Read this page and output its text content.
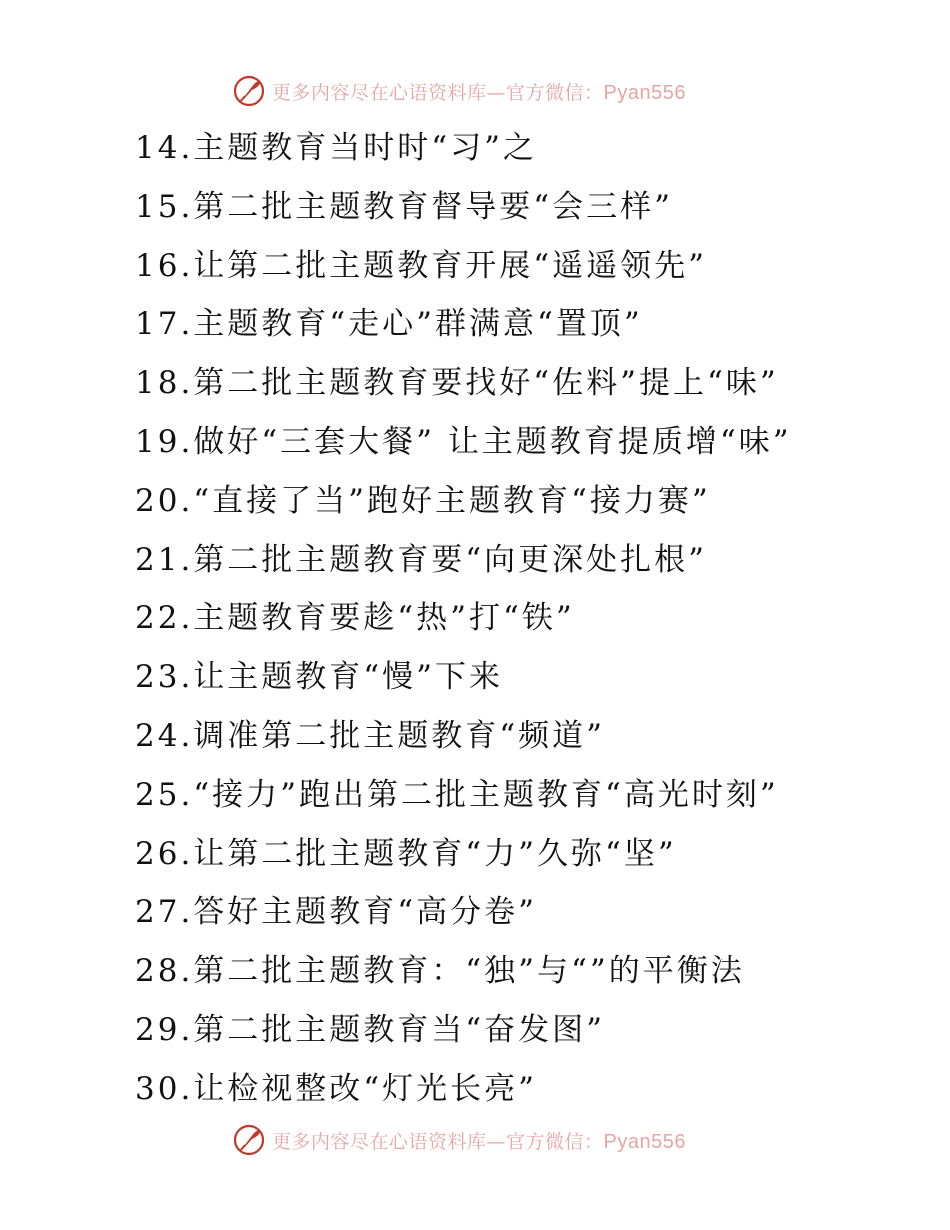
更多内容尽在心语资料库—官方微信：Pyan556
14.主题教育当时时“习”之
15.第二批主题教育督导要“会三样”
16.让第二批主题教育开展“遥遥领先”
17.主题教育“走心”群满意“置顶”
18.第二批主题教育要找好“佐料”提上“味”
19.做好“三套大餐” 让主题教育提质增“味”
20.“直接了当”跑好主题教育“接力赛”
21.第二批主题教育要“向更深处扎根”
22.主题教育要趁“热”打“铁”
23.让主题教育“慢”下来
24.调准第二批主题教育“频道”
25.“接力”跑出第二批主题教育“高光时刻”
26.让第二批主题教育“力”久弥“坚”
27.答好主题教育“高分卷”
28.第二批主题教育：“独”与“”的平衡法
29.第二批主题教育当“奋发图”
30.让检视整改“灯光长亮”
更多内容尽在心语资料库—官方微信：Pyan556
